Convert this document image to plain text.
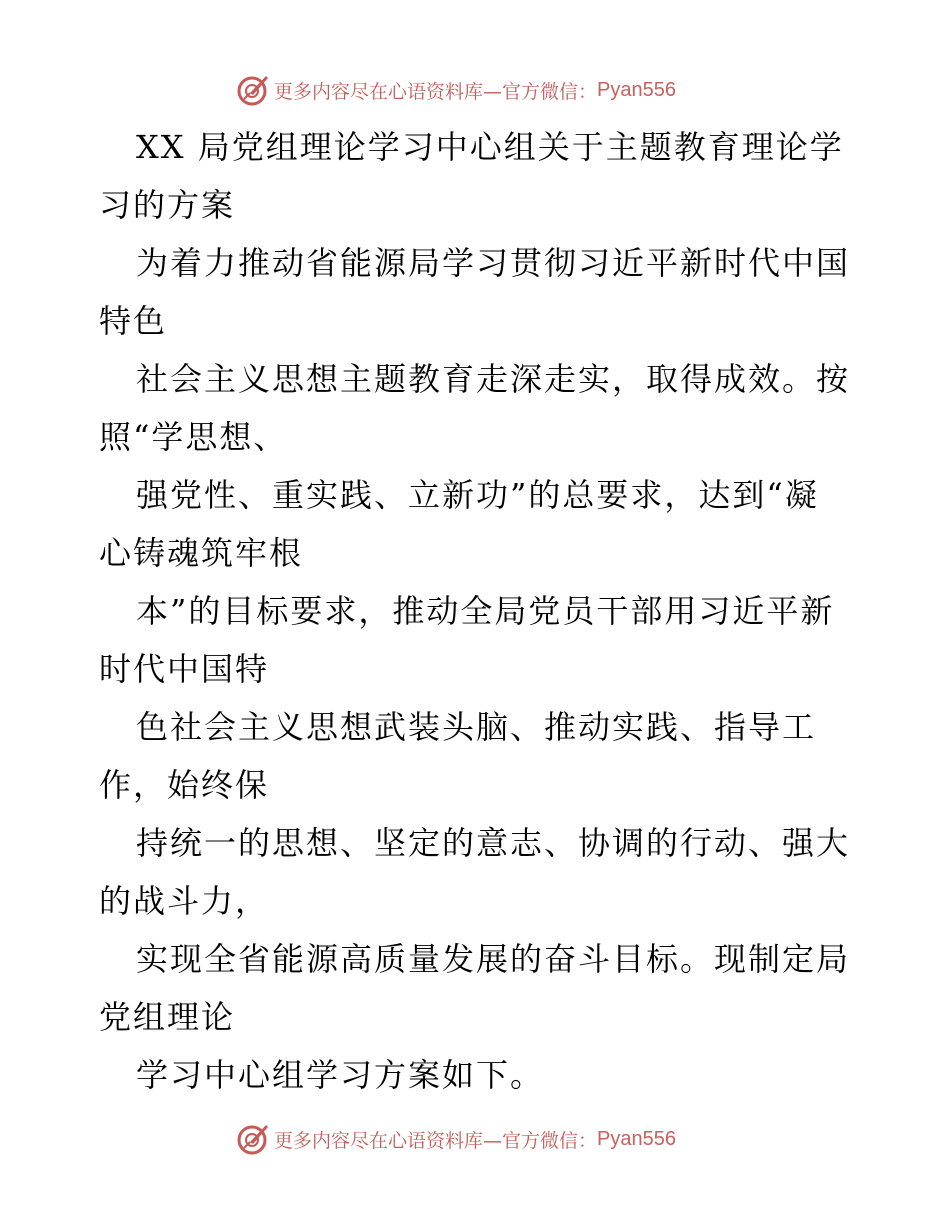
更多内容尽在心语资料库—官方微信： Pyan556
XX 局党组理论学习中心组关于主题教育理论学
习的方案
为着力推动省能源局学习贯彻习近平新时代中国
特色
社会主义思想主题教育走深走实，取得成效。按
照“学思想、
强党性、重实践、立新功”的总要求，达到“凝
心铸魂筑牢根
本”的目标要求，推动全局党员干部用习近平新
时代中国特
色社会主义思想武装头脑、推动实践、指导工
作，始终保
持统一的思想、坚定的意志、协调的行动、强大
的战斗力，
实现全省能源高质量发展的奋斗目标。现制定局
党组理论
学习中心组学习方案如下。
更多内容尽在心语资料库—官方微信： Pyan556
